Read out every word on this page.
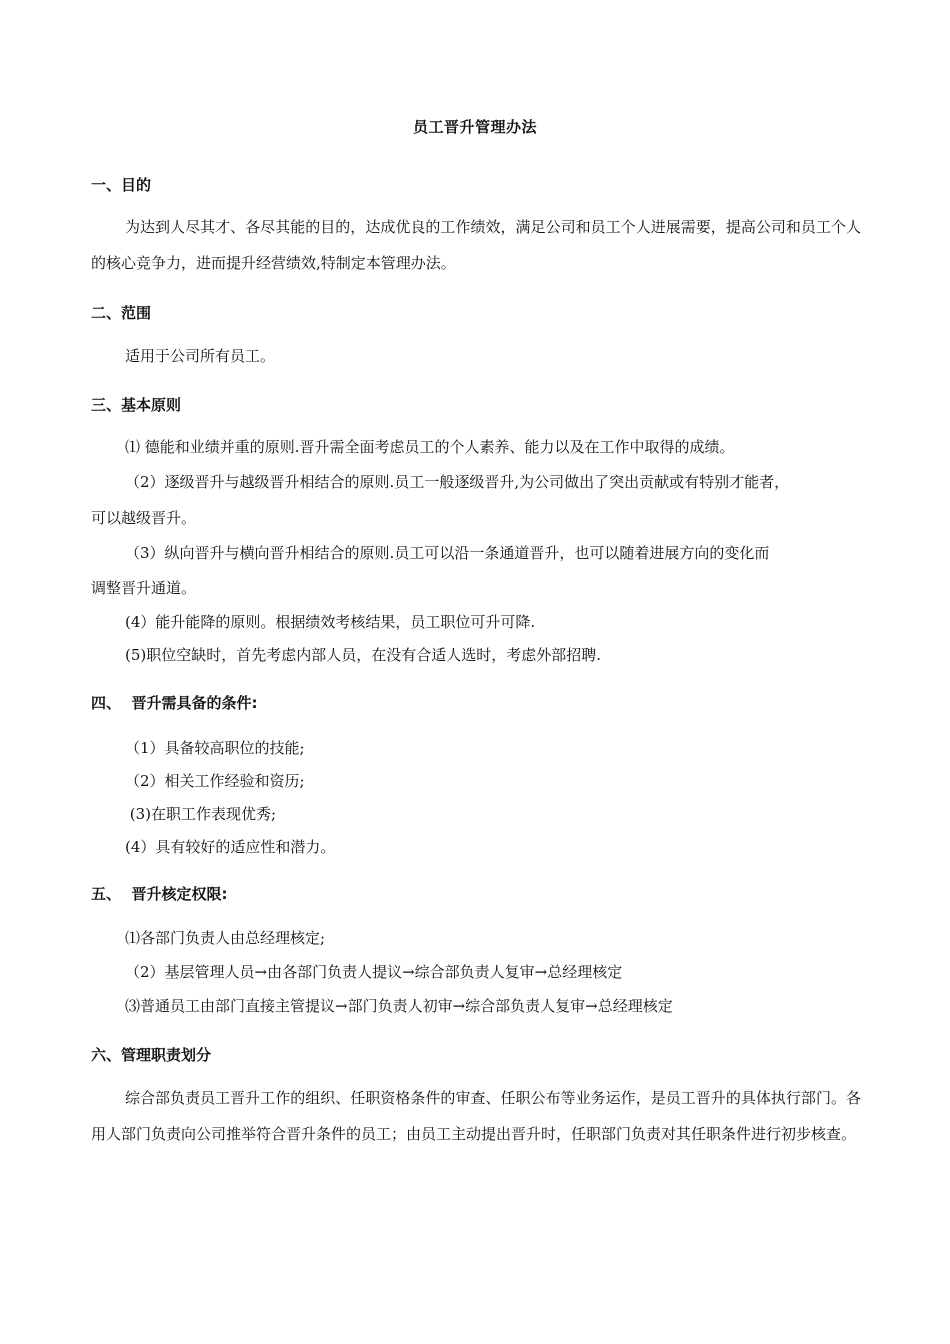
员工晋升管理办法
一、目的
为达到人尽其才、各尽其能的目的，达成优良的工作绩效，满足公司和员工个人进展需要，提高公司和员工个人的核心竞争力，进而提升经营绩效,特制定本管理办法。
二、范围
适用于公司所有员工。
三、基本原则
⑴ 德能和业绩并重的原则.晋升需全面考虑员工的个人素养、能力以及在工作中取得的成绩。
（2）逐级晋升与越级晋升相结合的原则.员工一般逐级晋升,为公司做出了突出贡献或有特别才能者，
可以越级晋升。
（3）纵向晋升与横向晋升相结合的原则.员工可以沿一条通道晋升，也可以随着进展方向的变化而
调整晋升通道。
(4）能升能降的原则。根据绩效考核结果，员工职位可升可降.
(5)职位空缺时，首先考虑内部人员，在没有合适人选时，考虑外部招聘.
四、  晋升需具备的条件:
（1）具备较高职位的技能;
（2）相关工作经验和资历;
(3)在职工作表现优秀;
(4）具有较好的适应性和潜力。
五、  晋升核定权限:
⑴各部门负责人由总经理核定;
（2）基层管理人员→由各部门负责人提议→综合部负责人复审→总经理核定
⑶普通员工由部门直接主管提议→部门负责人初审→综合部负责人复审→总经理核定
六、管理职责划分
综合部负责员工晋升工作的组织、任职资格条件的审查、任职公布等业务运作，是员工晋升的具体执行部门。各用人部门负责向公司推举符合晋升条件的员工；由员工主动提出晋升时，任职部门负责对其任职条件进行初步核查。
